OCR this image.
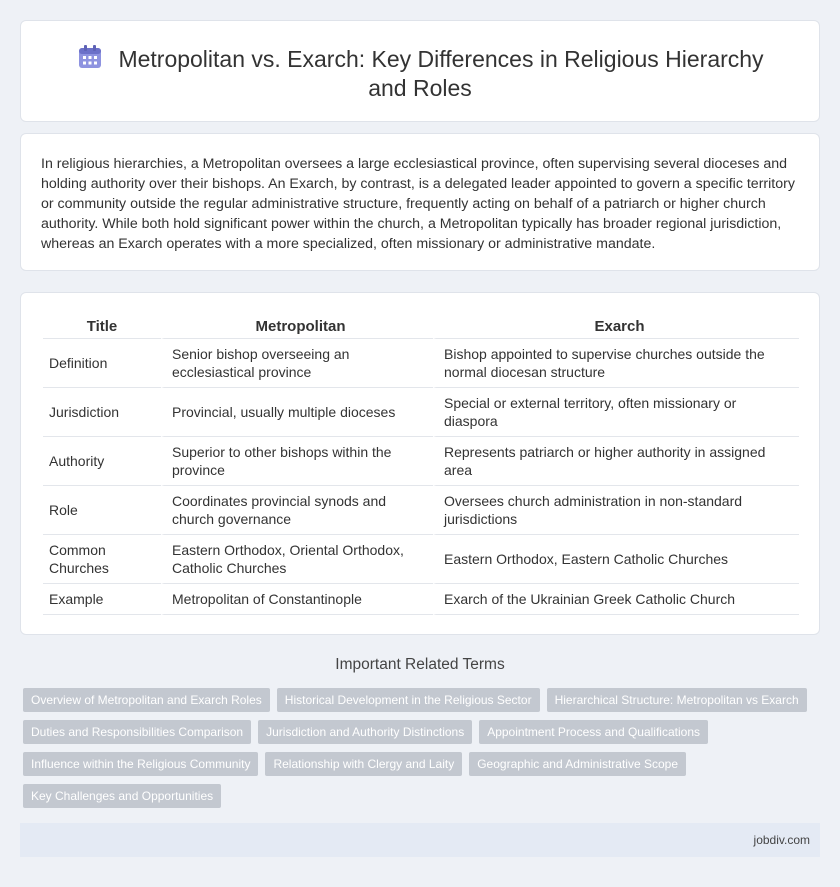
Metropolitan vs. Exarch: Key Differences in Religious Hierarchy and Roles

In religious hierarchies, a Metropolitan oversees a large ecclesiastical province, often supervising several dioceses and holding authority over their bishops. An Exarch, by contrast, is a delegated leader appointed to govern a specific territory or community outside the regular administrative structure, frequently acting on behalf of a patriarch or higher church authority. While both hold significant power within the church, a Metropolitan typically has broader regional jurisdiction, whereas an Exarch operates with a more specialized, often missionary or administrative mandate.

Title	Metropolitan	Exarch
Definition	Senior bishop overseeing an ecclesiastical province	Bishop appointed to supervise churches outside the normal diocesan structure
Jurisdiction	Provincial, usually multiple dioceses	Special or external territory, often missionary or diaspora
Authority	Superior to other bishops within the province	Represents patriarch or higher authority in assigned area
Role	Coordinates provincial synods and church governance	Oversees church administration in non-standard jurisdictions
Common Churches	Eastern Orthodox, Oriental Orthodox, Catholic Churches	Eastern Orthodox, Eastern Catholic Churches
Example	Metropolitan of Constantinople	Exarch of the Ukrainian Greek Catholic Church
Important Related Terms
Overview of Metropolitan and Exarch Roles	Historical Development in the Religious Sector	Hierarchical Structure: Metropolitan vs Exarch
Duties and Responsibilities Comparison	Jurisdiction and Authority Distinctions	Appointment Process and Qualifications
Influence within the Religious Community	Relationship with Clergy and Laity	Geographic and Administrative Scope
Key Challenges and Opportunities
jobdiv.com
